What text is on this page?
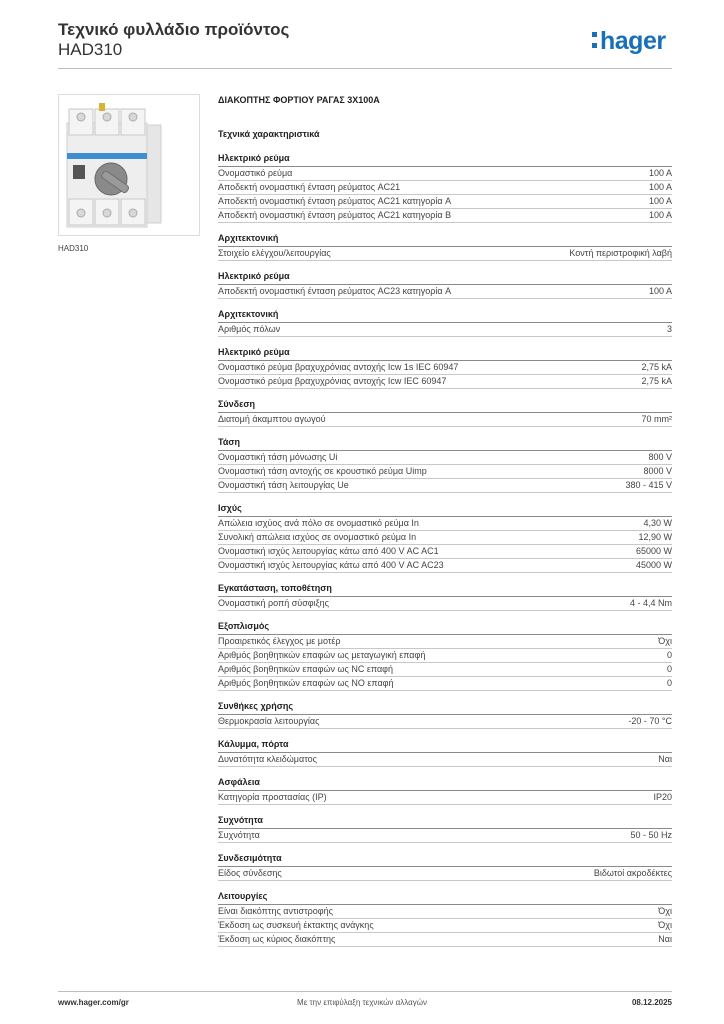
Τεχνικό φυλλάδιο προϊόντος
HAD310	hager
HAD310
ΔΙΑΚΟΠΤΗΣ ΦΟΡΤΙΟΥ ΡΑΓΑΣ 3Χ100Α
Τεχνικά χαρακτηριστικά
Ηλεκτρικό ρεύμα
Ονομαστικό ρεύμα	100 A
Αποδεκτή ονομαστική ένταση ρεύματος AC21	100 A
Αποδεκτή ονομαστική ένταση ρεύματος AC21 κατηγορία A	100 A
Αποδεκτή ονομαστική ένταση ρεύματος AC21 κατηγορία B	100 A
Αρχιτεκτονική
Στοιχείο ελέγχου/λειτουργίας	Κοντή περιστροφική λαβή
Ηλεκτρικό ρεύμα
Αποδεκτή ονομαστική ένταση ρεύματος AC23 κατηγορία A	100 A
Αρχιτεκτονική
Αριθμός πόλων	3
Ηλεκτρικό ρεύμα
Ονομαστικό ρεύμα βραχυχρόνιας αντοχής Icw 1s IEC 60947	2,75 kA
Ονομαστικό ρεύμα βραχυχρόνιας αντοχής Icw IEC 60947	2,75 kA
Σύνδεση
Διατομή άκαμπτου αγωγού	70 mm²
Τάση
Ονομαστική τάση μόνωσης Ui	800 V
Ονομαστική τάση αντοχής σε κρουστικό ρεύμα Uimp	8000 V
Ονομαστική τάση λειτουργίας Ue	380 - 415 V
Ισχύς
Απώλεια ισχύος ανά πόλο σε ονομαστικό ρεύμα In	4,30 W
Συνολική απώλεια ισχύος σε ονομαστικό ρεύμα In	12,90 W
Ονομαστική ισχύς λειτουργίας κάτω από 400 V AC AC1	65000 W
Ονομαστική ισχύς λειτουργίας κάτω από 400 V AC AC23	45000 W
Εγκατάσταση, τοποθέτηση
Ονομαστική ροπή σύσφιξης	4 - 4,4 Nm
Εξοπλισμός
Προαιρετικός έλεγχος με μοτέρ	Όχι
Αριθμός βοηθητικών επαφών ως μεταγωγική επαφή	0
Αριθμός βοηθητικών επαφών ως NC επαφή	0
Αριθμός βοηθητικών επαφών ως NO επαφή	0
Συνθήκες χρήσης
Θερμοκρασία λειτουργίας	-20 - 70 °C
Κάλυμμα, πόρτα
Δυνατότητα κλειδώματος	Ναι
Ασφάλεια
Κατηγορία προστασίας (IP)	IP20
Συχνότητα
Συχνότητα	50 - 50 Hz
Συνδεσιμότητα
Είδος σύνδεσης	Βιδωτοί ακροδέκτες
Λειτουργίες
Είναι διακόπτης αντιστροφής	Όχι
Έκδοση ως συσκευή έκτακτης ανάγκης	Όχι
Έκδοση ως κύριος διακόπτης	Ναι
www.hager.com/gr	Με την επιφύλαξη τεχνικών αλλαγών	08.12.2025
